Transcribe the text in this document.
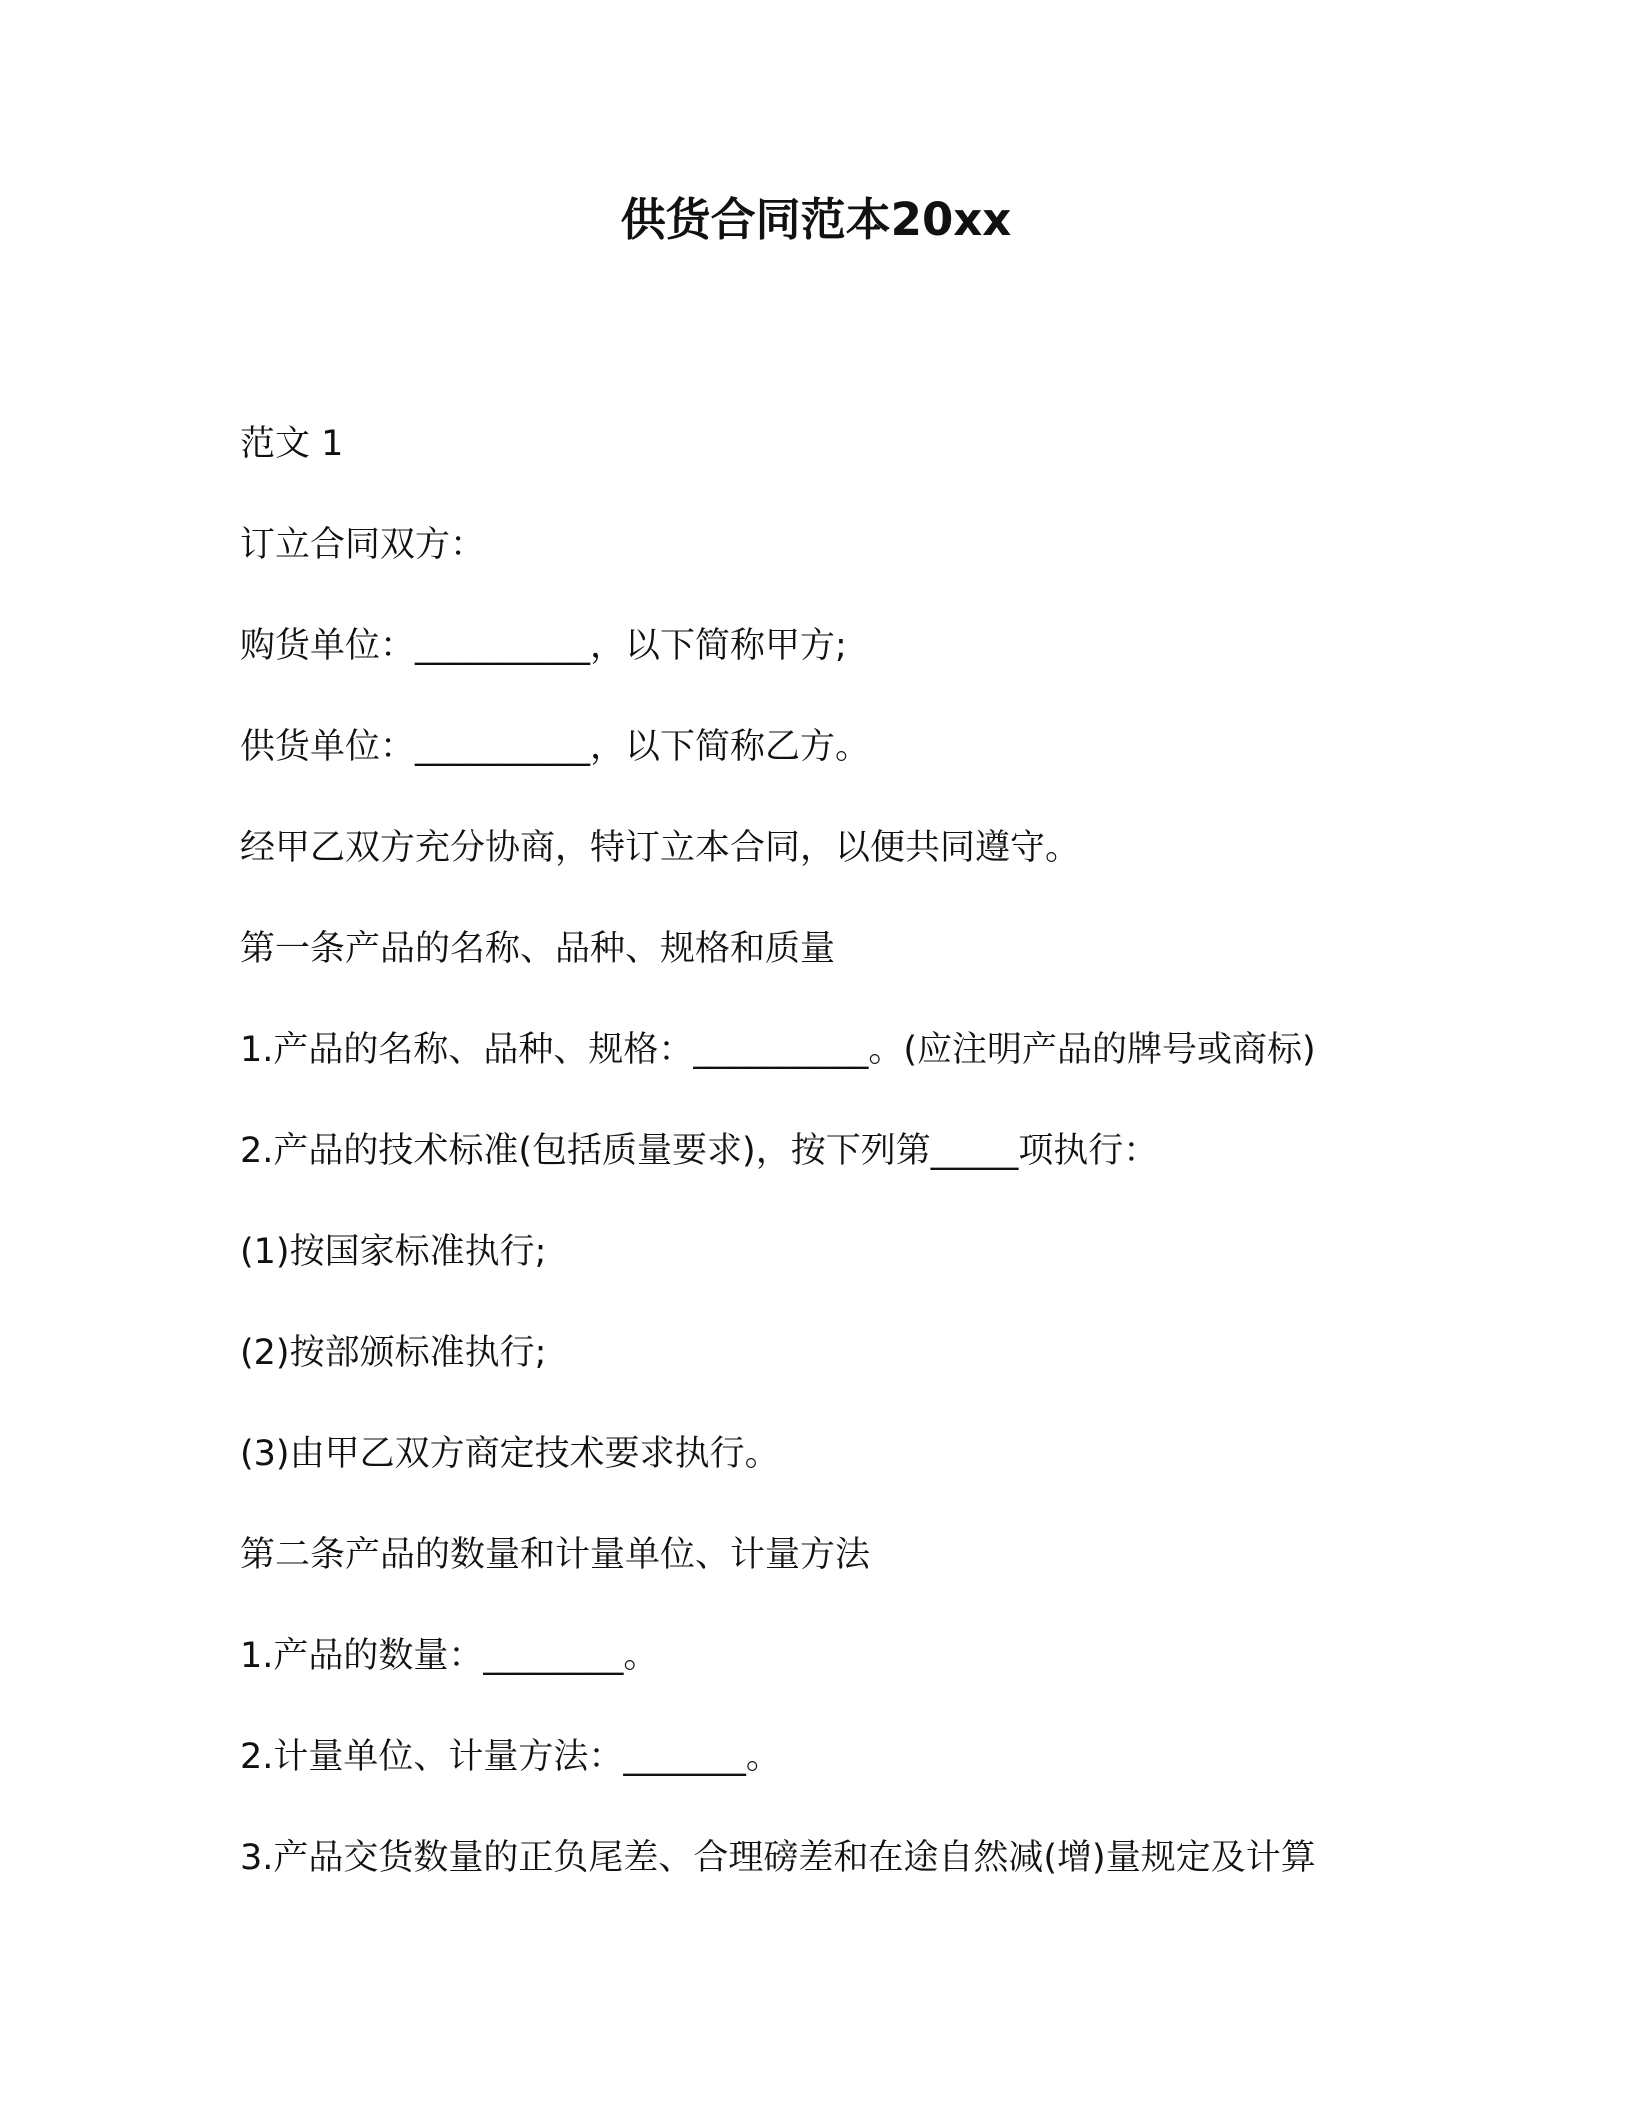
供货合同范本20xx

范文 1

订立合同双方：

购货单位：__________，以下简称甲方;

供货单位：__________，以下简称乙方。

经甲乙双方充分协商，特订立本合同，以便共同遵守。

第一条产品的名称、品种、规格和质量

1.产品的名称、品种、规格：__________。(应注明产品的牌号或商标)

2.产品的技术标准(包括质量要求)，按下列第_____项执行：

(1)按国家标准执行;

(2)按部颁标准执行;

(3)由甲乙双方商定技术要求执行。

第二条产品的数量和计量单位、计量方法

1.产品的数量：________。

2.计量单位、计量方法：_______。

3.产品交货数量的正负尾差、合理磅差和在途自然减(增)量规定及计算
